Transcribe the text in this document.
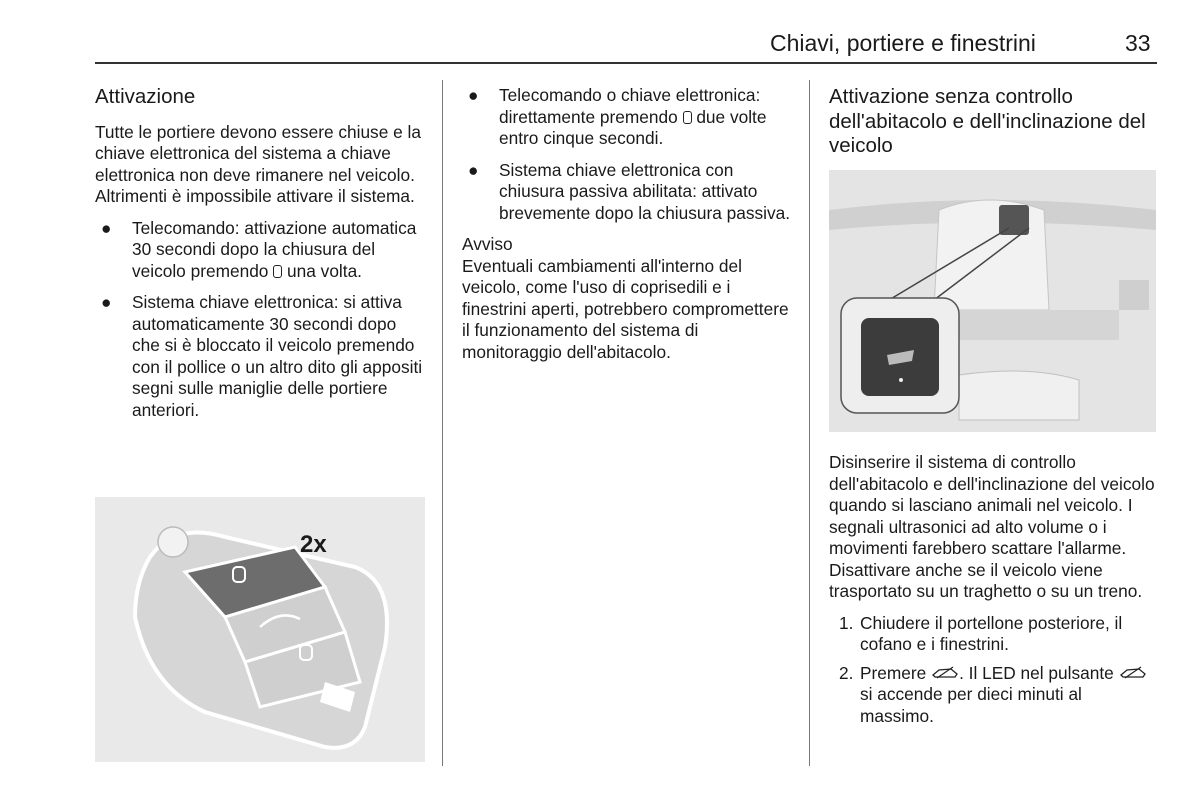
Chiavi, portiere e finestrini	33
Attivazione

Tutte le portiere devono essere chiuse e la chiave elettronica del sistema a chiave elettronica non deve rimanere nel veicolo. Altrimenti è impossibile attivare il sistema.

● Telecomando: attivazione automatica 30 secondi dopo la chiusura del veicolo premendo una volta.
● Sistema chiave elettronica: si attiva automaticamente 30 secondi dopo che si è bloccato il veicolo premendo con il pollice o un altro dito gli appositi segni sulle maniglie delle portiere anteriori.
2x
● Telecomando o chiave elettronica: direttamente premendo due volte entro cinque secondi.
● Sistema chiave elettronica con chiusura passiva abilitata: attivato brevemente dopo la chiusura passiva.

Avviso

Eventuali cambiamenti all'interno del veicolo, come l'uso di coprisedili e i finestrini aperti, potrebbero compromettere il funzionamento del sistema di monitoraggio dell'abitacolo.

Attivazione senza controllo dell'abitacolo e dell'inclinazione del veicolo

Disinserire il sistema di controllo dell'abitacolo e dell'inclinazione del veicolo quando si lasciano animali nel veicolo. I segnali ultrasonici ad alto volume o i movimenti farebbero scattare l'allarme. Disattivare anche se il veicolo viene trasportato su un traghetto o su un treno.

1. Chiudere il portellone posteriore, il cofano e i finestrini.
2. Premere . Il LED nel pulsante  si accende per dieci minuti al massimo.
